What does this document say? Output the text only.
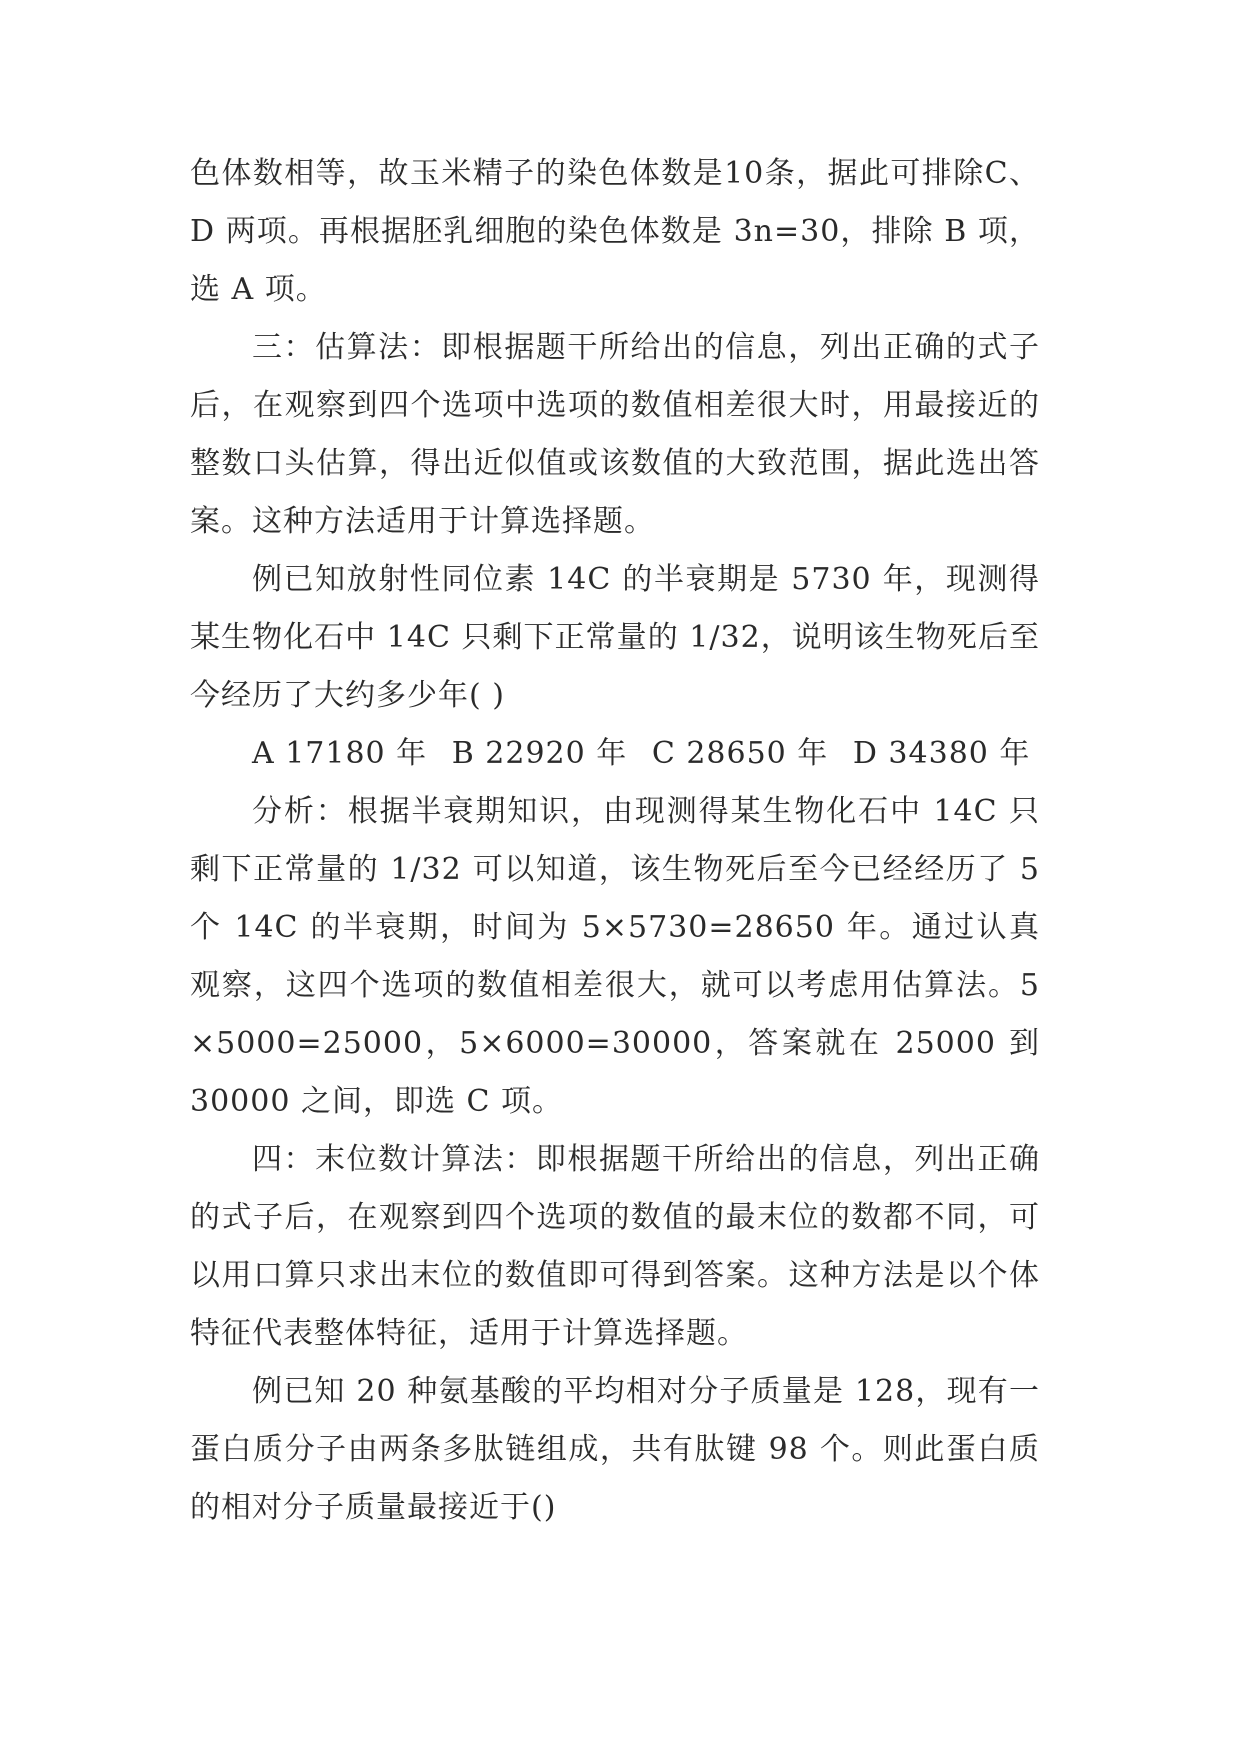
色体数相等，故玉米精子的染色体数是10条，据此可排除C、D 两项。再根据胚乳细胞的染色体数是 3n=30，排除 B 项，选 A 项。

三：估算法：即根据题干所给出的信息，列出正确的式子后，在观察到四个选项中选项的数值相差很大时，用最接近的整数口头估算，得出近似值或该数值的大致范围，据此选出答案。这种方法适用于计算选择题。

例已知放射性同位素 14C 的半衰期是 5730 年，现测得某生物化石中 14C 只剩下正常量的 1/32，说明该生物死后至今经历了大约多少年( )

A 17180 年 B 22920 年 C 28650 年 D 34380 年

分析：根据半衰期知识，由现测得某生物化石中 14C 只剩下正常量的 1/32 可以知道，该生物死后至今已经经历了 5 个 14C 的半衰期，时间为 5×5730=28650 年。通过认真观察，这四个选项的数值相差很大，就可以考虑用估算法。5×5000=25000，5×6000=30000，答案就在 25000 到 30000 之间，即选 C 项。

四：末位数计算法：即根据题干所给出的信息，列出正确的式子后，在观察到四个选项的数值的最末位的数都不同，可以用口算只求出末位的数值即可得到答案。这种方法是以个体特征代表整体特征，适用于计算选择题。

例已知 20 种氨基酸的平均相对分子质量是 128，现有一蛋白质分子由两条多肽链组成，共有肽键 98 个。则此蛋白质的相对分子质量最接近于()
